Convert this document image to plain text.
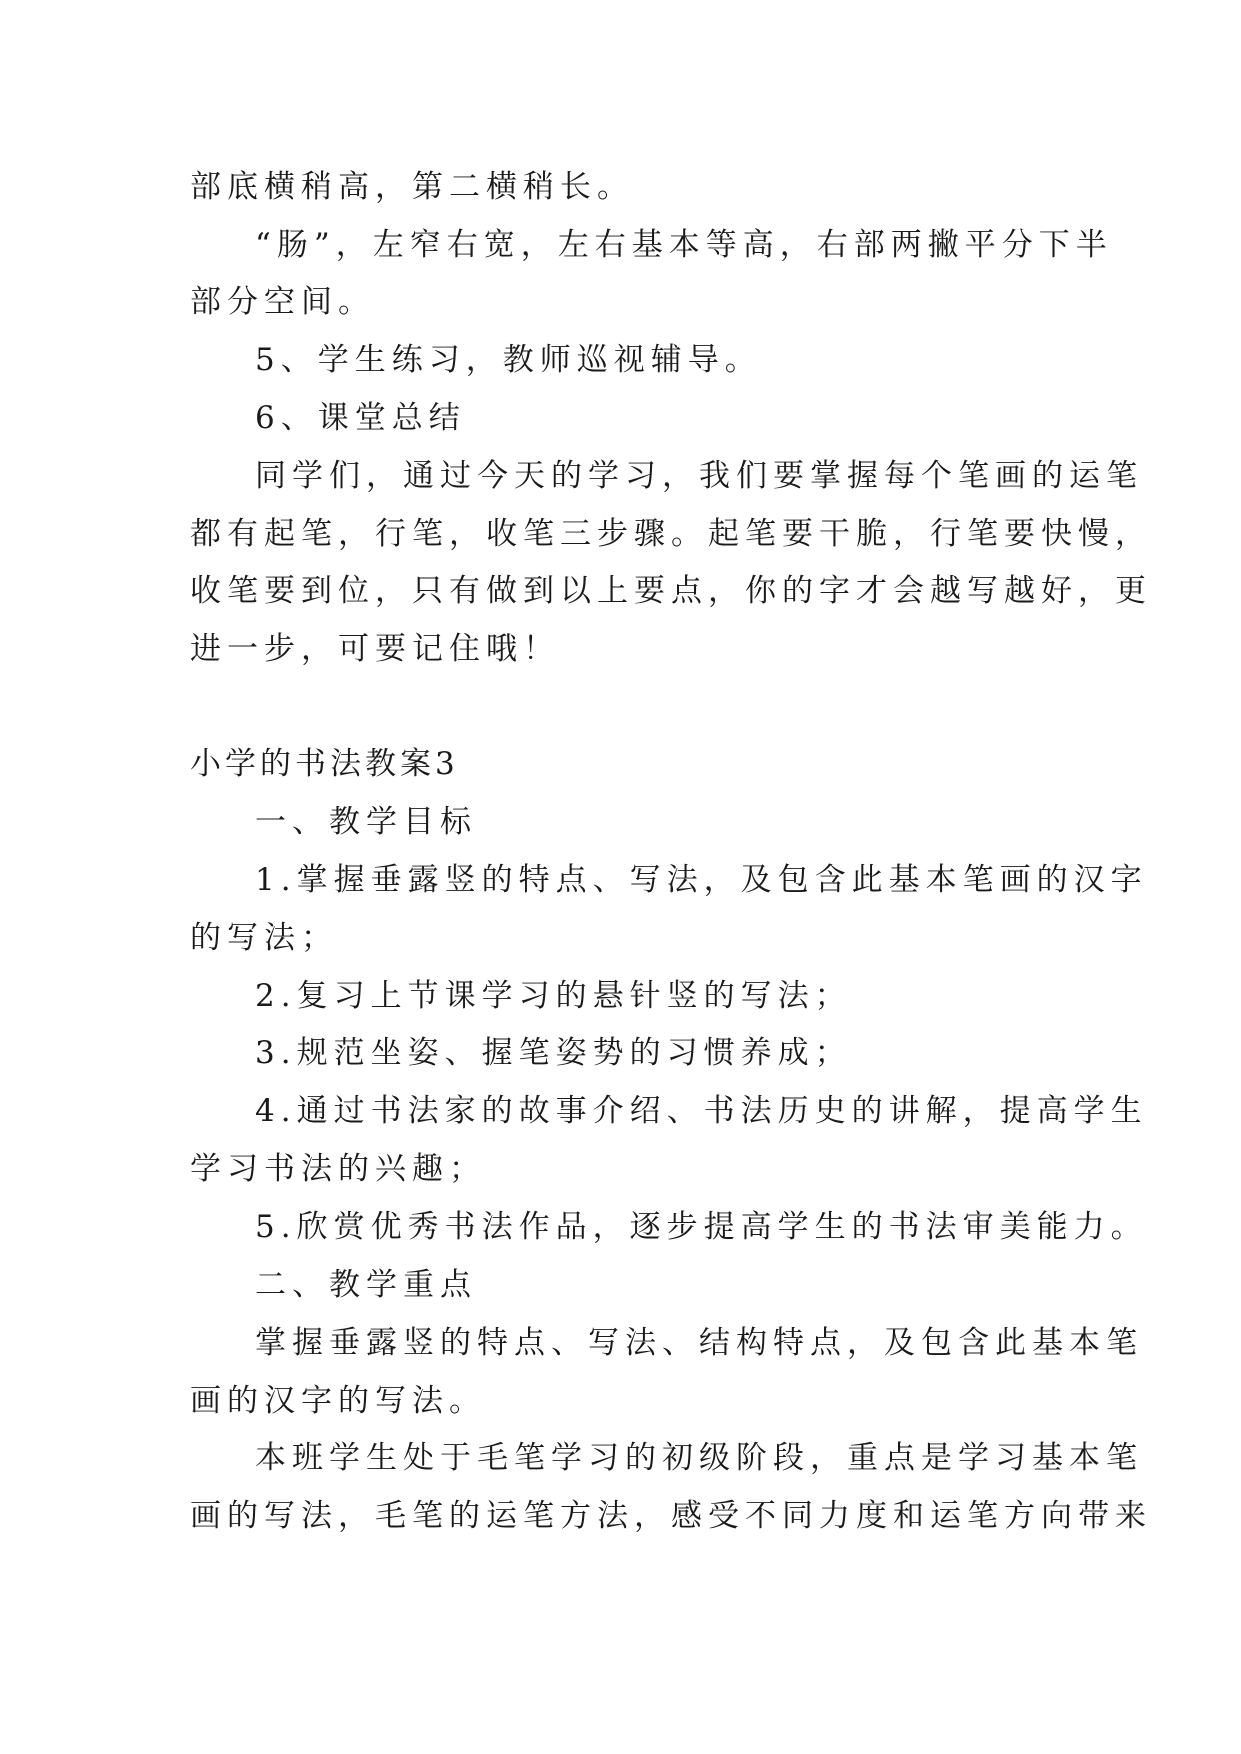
部底横稍高，第二横稍长。
“肠”，左窄右宽，左右基本等高，右部两撇平分下半
部分空间。
5、学生练习，教师巡视辅导。
6、课堂总结
同学们，通过今天的学习，我们要掌握每个笔画的运笔
都有起笔，行笔，收笔三步骤。起笔要干脆，行笔要快慢，
收笔要到位，只有做到以上要点，你的字才会越写越好，更
进一步，可要记住哦！
小学的书法教案3
一、教学目标
1.掌握垂露竖的特点、写法，及包含此基本笔画的汉字
的写法；
2.复习上节课学习的悬针竖的写法；
3.规范坐姿、握笔姿势的习惯养成；
4.通过书法家的故事介绍、书法历史的讲解，提高学生
学习书法的兴趣；
5.欣赏优秀书法作品，逐步提高学生的书法审美能力。
二、教学重点
掌握垂露竖的特点、写法、结构特点，及包含此基本笔
画的汉字的写法。
本班学生处于毛笔学习的初级阶段，重点是学习基本笔
画的写法，毛笔的运笔方法，感受不同力度和运笔方向带来
